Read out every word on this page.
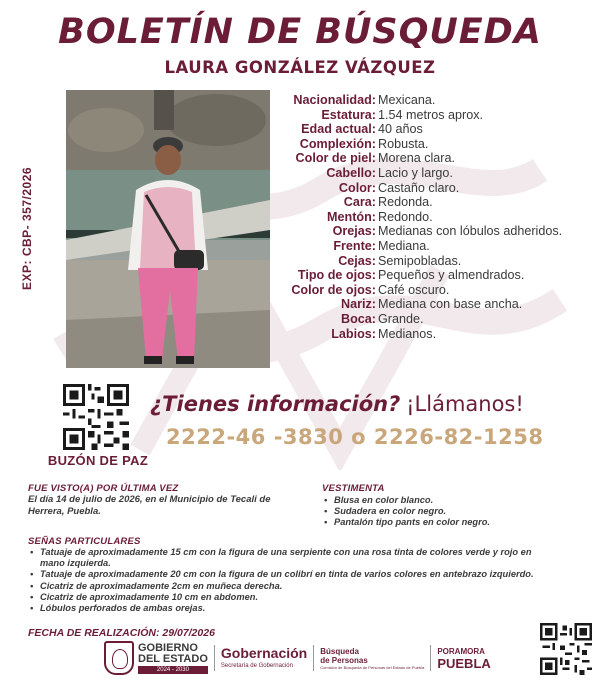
BOLETÍN DE BÚSQUEDA
LAURA GONZÁLEZ VÁZQUEZ
EXP: CBP- 357/2026
Nacionalidad: Mexicana.
Estatura: 1.54 metros aprox.
Edad actual: 40 años
Complexión: Robusta.
Color de piel: Morena clara.
Cabello: Lacio y largo.
Color: Castaño claro.
Cara: Redonda.
Mentón: Redondo.
Orejas: Medianas con lóbulos adheridos.
Frente: Mediana.
Cejas: Semipobladas.
Tipo de ojos: Pequeños y almendrados.
Color de ojos: Café oscuro.
Nariz: Mediana con base ancha.
Boca: Grande.
Labios: Medianos.
BUZÓN DE PAZ
¿Tienes información? ¡Llámanos!
2222-46 -3830 o 2226-82-1258
FUE VISTO(A) POR ÚLTIMA VEZ
El día 14 de julio de 2026, en el Municipio de Tecali de Herrera, Puebla.
VESTIMENTA
• Blusa en color blanco.
• Sudadera en color negro.
• Pantalón tipo pants en color negro.
SEÑAS PARTICULARES
• Tatuaje de aproximadamente 15 cm con la figura de una serpiente con una rosa tinta de colores verde y rojo en mano izquierda.
• Tatuaje de aproximadamente 20 cm con la figura de un colibrí en tinta de varios colores en antebrazo izquierdo.
• Cicatriz de aproximadamente 2cm en muñeca derecha.
• Cicatriz de aproximadamente 10 cm en abdomen.
• Lóbulos perforados de ambas orejas.
FECHA DE REALIZACIÓN: 29/07/2026
GOBIERNO
DEL ESTADO
2024 - 2030
Gobernación
Secretaría de Gobernación
Búsqueda
de Personas
Comisión de Búsqueda de Personas del Estado de Puebla
PORAMORA
PUEBLA
